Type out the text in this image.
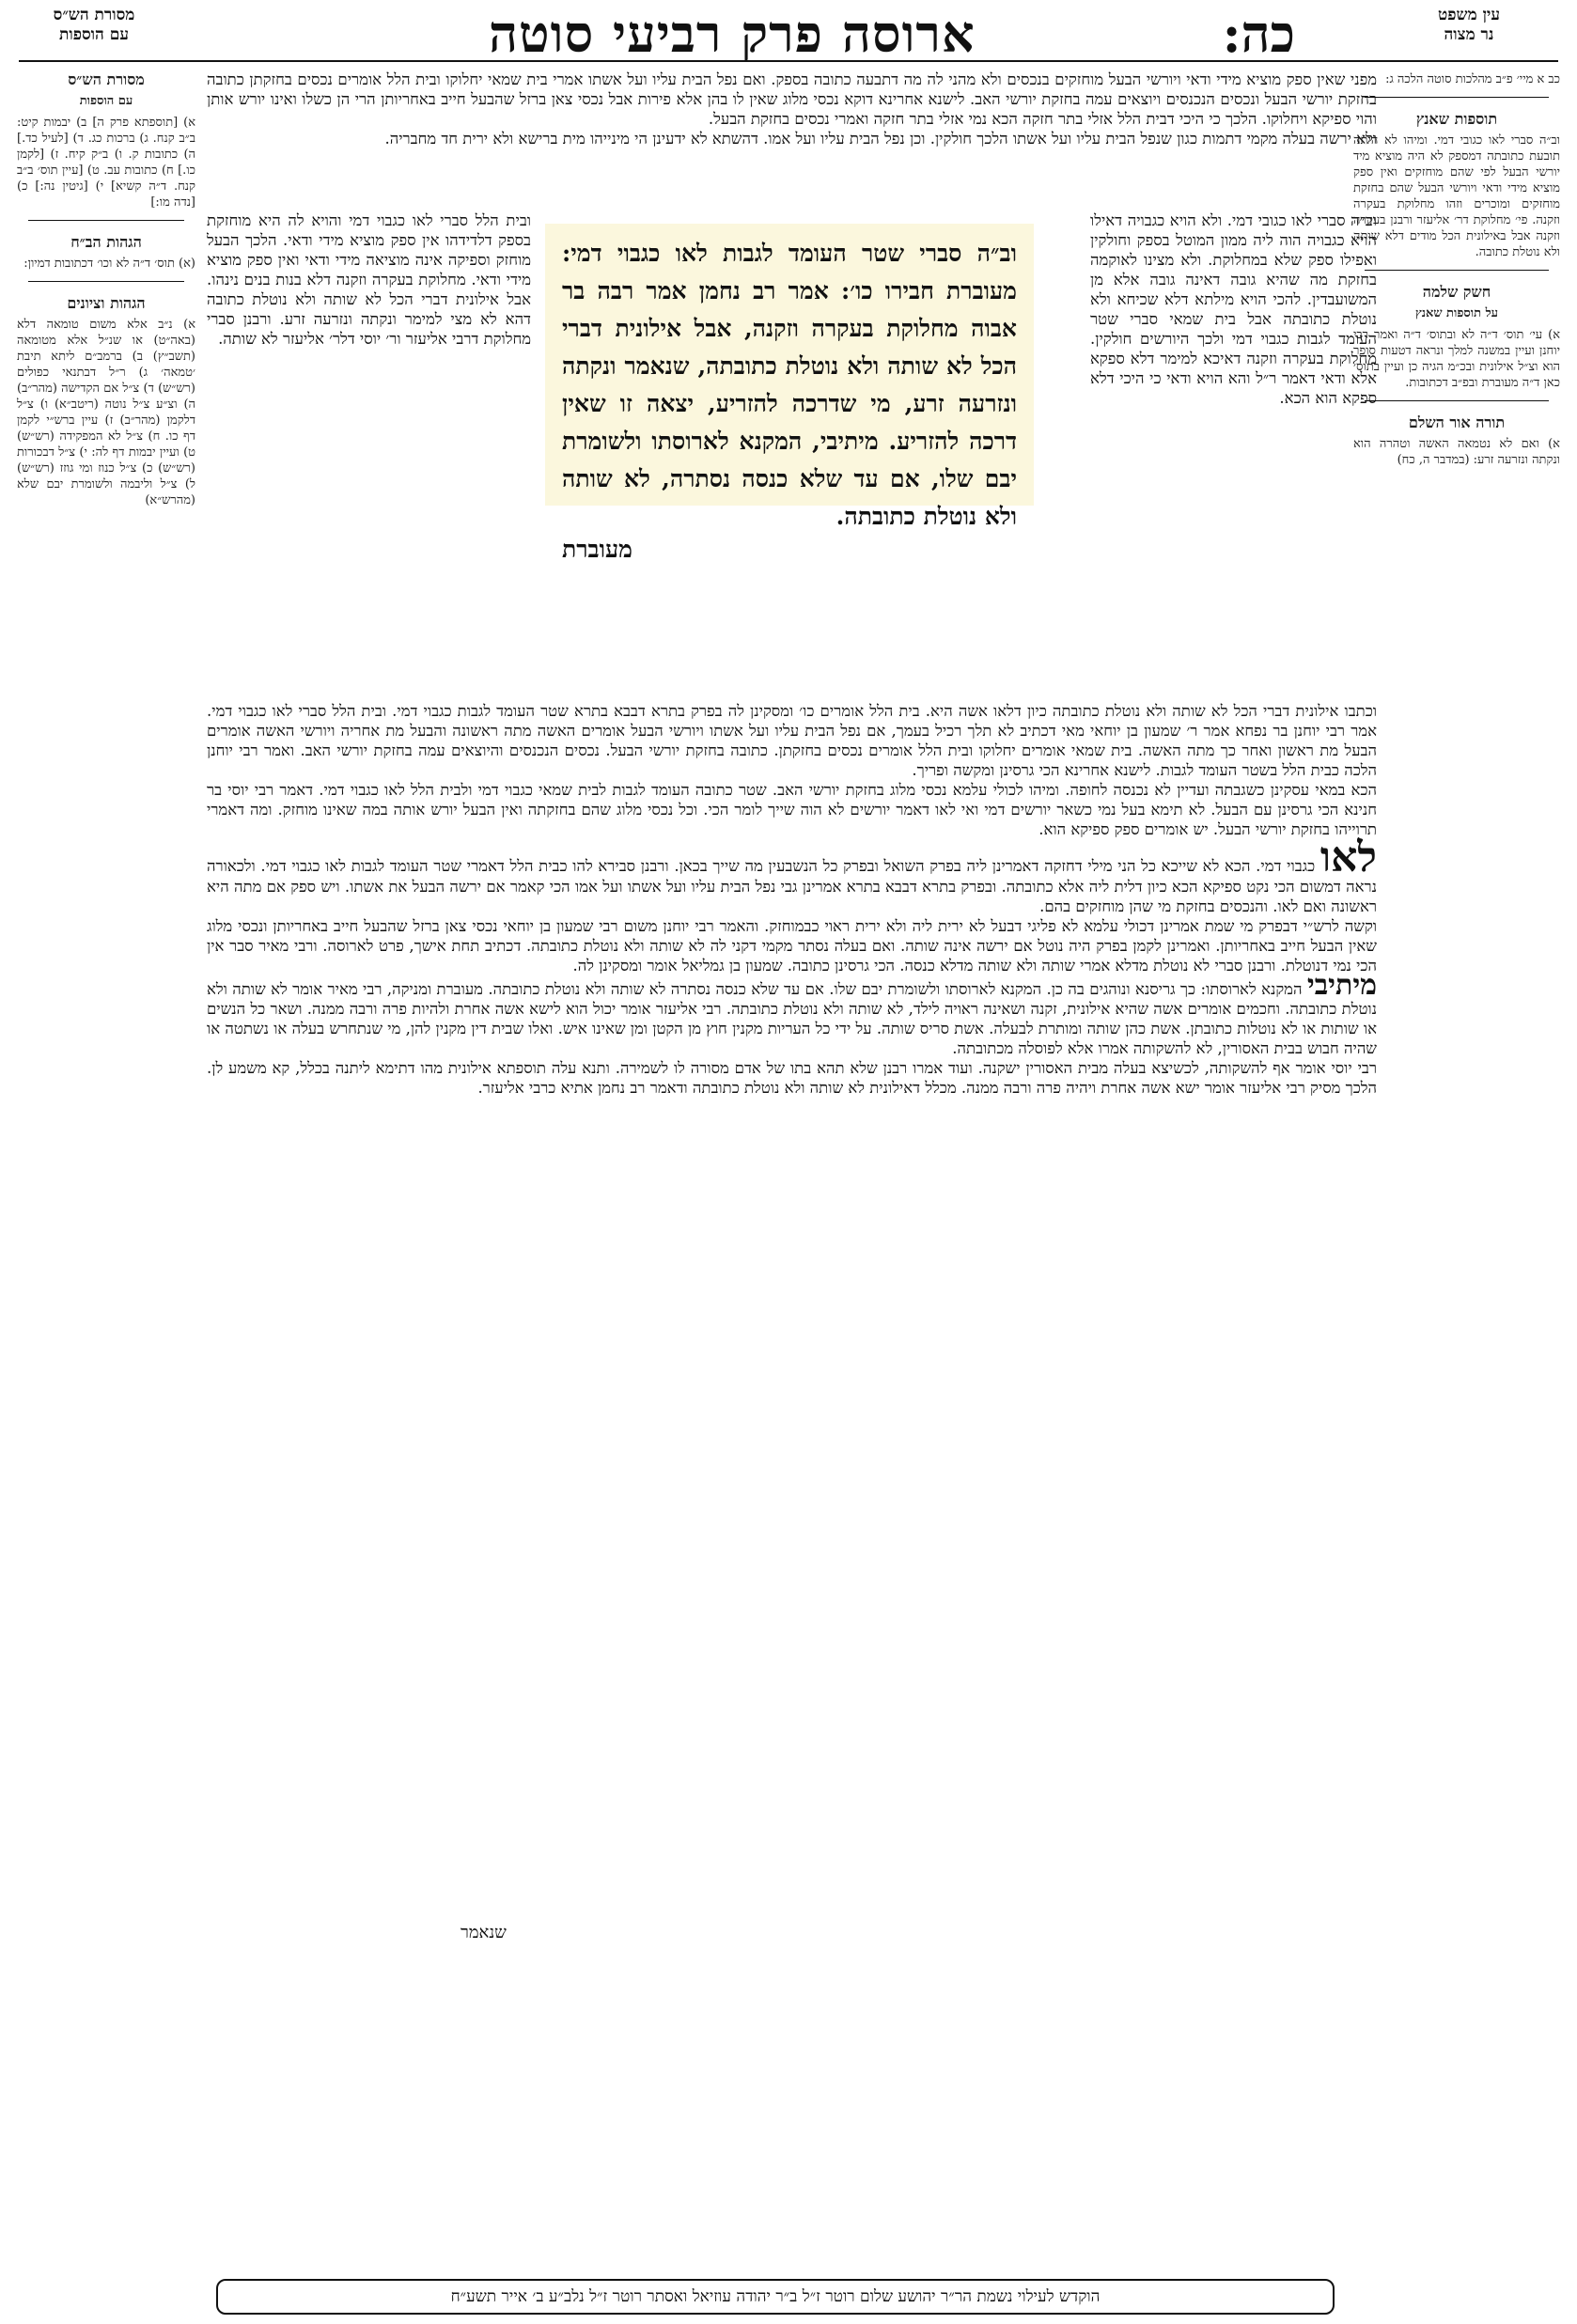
מסורת הש״ס
עם הוספות	ארוסה פרק רביעי סוטה	כה:	עין משפט
נר מצוה

כב א מיי׳ פ״ב מהלכות סוטה הלכה ג:

תוספות שאנץ

וב״ה סברי לאו כגובי דמי. ומיהו לא היתה תובעת כתובתה דמספק לא היה מוציא מיד יורשי הבעל לפי שהם מוחזקים ואין ספק מוציא מידי ודאי ויורשי הבעל שהם בחזקת מוחזקים ומוכרים וזהו מחלוקת בעקרה וזקנה. פי׳ מחלוקת דר׳ אליעזר ורבנן בעקרה וזקנה אבל באילונית הכל מודים דלא שותה ולא נוטלת כתובה.

חשק שלמה
על תוספות שאנץ

א) עי׳ תוס׳ ד״ה לא ובתוס׳ ד״ה ואמר רבי יוחנן ועיין במשנה למלך ונראה דטעות סופר הוא וצ״ל אילונית ובכ״מ הגיה כן ועיין בתוס׳ כאן ד״ה מעוברת ובפ״ב דכתובות.

תורה אור השלם

א) ואם לא נטמאה האשה וטהרה הוא ונקתה ונזרעה זרע: (במדבר ה, כח)

מסורת הש״ס
עם הוספות

א) [תוספתא פרק ה] ב) יבמות קיט: ב״ב קנח. ג) ברכות כג. ד) [לעיל כד.] ה) כתובות ק. ו) ב״ק קיח. ז) [לקמן כו.] ח) כתובות עב. ט) [עיין תוס׳ ב״ב קנח. ד״ה קשיא] י) [גיטין נה:] כ) [נדה מו:]

הגהות הב״ח

(א) תוס׳ ד״ה לא וכו׳ דכתובות דמיון:

הגהות וציונים

א) נ״ב אלא משום טומאה דלא (באה״ט) או שנ״ל אלא מטומאה (תשב״ץ) ב) ברמב״ם ליתא תיבת ׳טמאה׳ ג) ר״ל דבתנאי כפולים (רש״ש) ד) צ״ל אם הקדישה (מהר״ב) ה) וצ״ע צ״ל נוטה (ריטב״א) ו) צ״ל דלקמן (מהר״ב) ז) עיין ברש״י לקמן דף כו. ח) צ״ל לא המפקידה (רש״ש) ט) ועיין יבמות דף לה: י) צ״ל דבכורות (רש״ש) כ) צ״ל כנוז ומי גוזז (רש״ש) ל) צ״ל וליבמה ולשומרת יבם שלא (מהרש״א)

מפני שאין ספק מוציא מידי ודאי ויורשי הבעל מוחזקים בנכסים ולא מהני לה מה דתבעה כתובה בספק. ואם נפל הבית עליו ועל אשתו אמרי בית שמאי יחלוקו ובית הלל אומרים נכסים בחזקתן כתובה בחזקת יורשי הבעל ונכסים הנכנסים ויוצאים עמה בחזקת יורשי האב. לישנא אחרינא דוקא נכסי מלוג שאין לו בהן אלא פירות אבל נכסי צאן ברזל שהבעל חייב באחריותן הרי הן כשלו ואינו יורש אותן והוי ספיקא ויחלוקו. הלכך כי היכי דבית הלל אזלי בתר חזקה הכא נמי אזלי בתר חזקה ואמרי נכסים בחזקת הבעל.

ולא ירשה בעלה מקמי דתמות כגון שנפל הבית עליו ועל אשתו הלכך חולקין. וכן נפל הבית עליו ועל אמו. דהשתא לא ידעינן הי מינייהו מית ברישא ולא ירית חד מחבריה.

וב״ה סברי לאו כגובי דמי. ולא הויא כגבויה דאילו הויא כגבויה הוה ליה ממון המוטל בספק וחולקין ואפילו ספק שלא במחלוקת. ולא מצינו לאוקמה בחזקת מה שהיא גובה דאינה גובה אלא מן המשועבדין. להכי הויא מילתא דלא שכיחא ולא נוטלת כתובתה אבל בית שמאי סברי שטר העומד לגבות כגבוי דמי ולכך היורשים חולקין. מחלוקת בעקרה וזקנה דאיכא למימר דלא ספקא אלא ודאי דאמר ר״ל והא הויא ודאי כי היכי דלא ספקא הוא הכא.

וב״ה סברי שטר העומד לגבות לאו כגבוי דמי: מעוברת חבירו כו׳: אמר רב נחמן אמר רבה בר אבוה מחלוקת בעקרה וזקנה, אבל אילונית דברי הכל לא שותה ולא נוטלת כתובתה, שנאמר ונקתה ונזרעה זרע, מי שדרכה להזריע, יצאה זו שאין דרכה להזריע. מיתיבי, המקנא לארוסתו ולשומרת יבם שלו, אם עד שלא כנסה נסתרה, לא שותה ולא נוטלת כתובתה.

מעוברת

ובית הלל סברי לאו כגבוי דמי והויא לה היא מוחזקת בספק דלדידהו אין ספק מוציא מידי ודאי. הלכך הבעל מוחזק וספיקה אינה מוציאה מידי ודאי ואין ספק מוציא מידי ודאי. מחלוקת בעקרה וזקנה דלא בנות בנים נינהו. אבל אילונית דברי הכל לא שותה ולא נוטלת כתובה דהא לא מצי למימר ונקתה ונזרעה זרע. ורבנן סברי מחלוקת דרבי אליעזר ור׳ יוסי דלר׳ אליעזר לא שותה.

וכתבו אילונית דברי הכל לא שותה ולא נוטלת כתובתה כיון דלאו אשה היא. בית הלל אומרים כו׳ ומסקינן לה בפרק בתרא דבבא בתרא שטר העומד לגבות כגבוי דמי. ובית הלל סברי לאו כגבוי דמי. אמר רבי יוחנן בר נפחא אמר ר׳ שמעון בן יוחאי מאי דכתיב לא תלך רכיל בעמך, אם נפל הבית עליו ועל אשתו ויורשי הבעל אומרים האשה מתה ראשונה והבעל מת אחריה ויורשי האשה אומרים הבעל מת ראשון ואחר כך מתה האשה. בית שמאי אומרים יחלוקו ובית הלל אומרים נכסים בחזקתן. כתובה בחזקת יורשי הבעל. נכסים הנכנסים והיוצאים עמה בחזקת יורשי האב. ואמר רבי יוחנן הלכה כבית הלל בשטר העומד לגבות. לישנא אחרינא הכי גרסינן ומקשה ופריך.

הכא במאי עסקינן כשגבתה ועדיין לא נכנסה לחופה. ומיהו לכולי עלמא נכסי מלוג בחזקת יורשי האב. שטר כתובה העומד לגבות לבית שמאי כגבוי דמי ולבית הלל לאו כגבוי דמי. דאמר רבי יוסי בר חנינא הכי גרסינן עם הבעל. לא תימא בעל נמי כשאר יורשים דמי ואי לאו דאמר יורשים לא הוה שייך לומר הכי. וכל נכסי מלוג שהם בחזקתה ואין הבעל יורש אותה במה שאינו מוחזק. ומה דאמרי תרוייהו בחזקת יורשי הבעל. יש אומרים ספק ספיקא הוא.

לאו כגבוי דמי. הכא לא שייכא כל הני מילי דחזקה דאמרינן ליה בפרק השואל ובפרק כל הנשבעין מה שייך בכאן. ורבנן סבירא להו כבית הלל דאמרי שטר העומד לגבות לאו כגבוי דמי. ולכאורה נראה דמשום הכי נקט ספיקא הכא כיון דלית ליה אלא כתובתה. ובפרק בתרא דבבא בתרא אמרינן גבי נפל הבית עליו ועל אשתו ועל אמו הכי קאמר אם ירשה הבעל את אשתו. ויש ספק אם מתה היא ראשונה ואם לאו. והנכסים בחזקת מי שהן מוחזקים בהם.

וקשה לרש״י דבפרק מי שמת אמרינן דכולי עלמא לא פליגי דבעל לא ירית ליה ולא ירית ראוי כבמוחזק. והאמר רבי יוחנן משום רבי שמעון בן יוחאי נכסי צאן ברזל שהבעל חייב באחריותן ונכסי מלוג שאין הבעל חייב באחריותן. ואמרינן לקמן בפרק היה נוטל אם ירשה אינה שותה. ואם בעלה נסתר מקמי דקני לה לא שותה ולא נוטלת כתובתה. דכתיב תחת אישך, פרט לארוסה. ורבי מאיר סבר אין הכי נמי דנוטלת. ורבנן סברי לא נוטלת מדלא אמרי שותה ולא שותה מדלא כנסה. הכי גרסינן כתובה. שמעון בן גמליאל אומר ומסקינן לה.

מיתיבי המקנא לארוסתו: כך גריסנא ונוהגים בה כן. המקנא לארוסתו ולשומרת יבם שלו. אם עד שלא כנסה נסתרה לא שותה ולא נוטלת כתובתה. מעוברת ומניקה, רבי מאיר אומר לא שותה ולא נוטלת כתובתה. וחכמים אומרים אשה שהיא אילונית, זקנה ושאינה ראויה לילד, לא שותה ולא נוטלת כתובתה. רבי אליעזר אומר יכול הוא לישא אשה אחרת ולהיות פרה ורבה ממנה. ושאר כל הנשים או שותות או לא נוטלות כתובתן. אשת כהן שותה ומותרת לבעלה. אשת סריס שותה. על ידי כל העריות מקנין חוץ מן הקטן ומן שאינו איש. ואלו שבית דין מקנין להן, מי שנתחרש בעלה או נשתטה או שהיה חבוש בבית האסורין, לא להשקותה אמרו אלא לפוסלה מכתובתה.

רבי יוסי אומר אף להשקותה, לכשיצא בעלה מבית האסורין ישקנה. ועוד אמרו רבנן שלא תהא בתו של אדם מסורה לו לשמירה. ותנא עלה תוספתא אילונית מהו דתימא ליתנה בכלל, קא משמע לן. הלכך מסיק רבי אליעזר אומר ישא אשה אחרת ויהיה פרה ורבה ממנה. מכלל דאילונית לא שותה ולא נוטלת כתובתה ודאמר רב נחמן אתיא כרבי אליעזר.

שנאמר
הוקדש לעילוי נשמת הר״ר יהושע שלום רוטר ז״ל ב״ר יהודה עוזיאל ואסתר רוטר ז״ל נלב״ע ב׳ אייר תשע״ח
